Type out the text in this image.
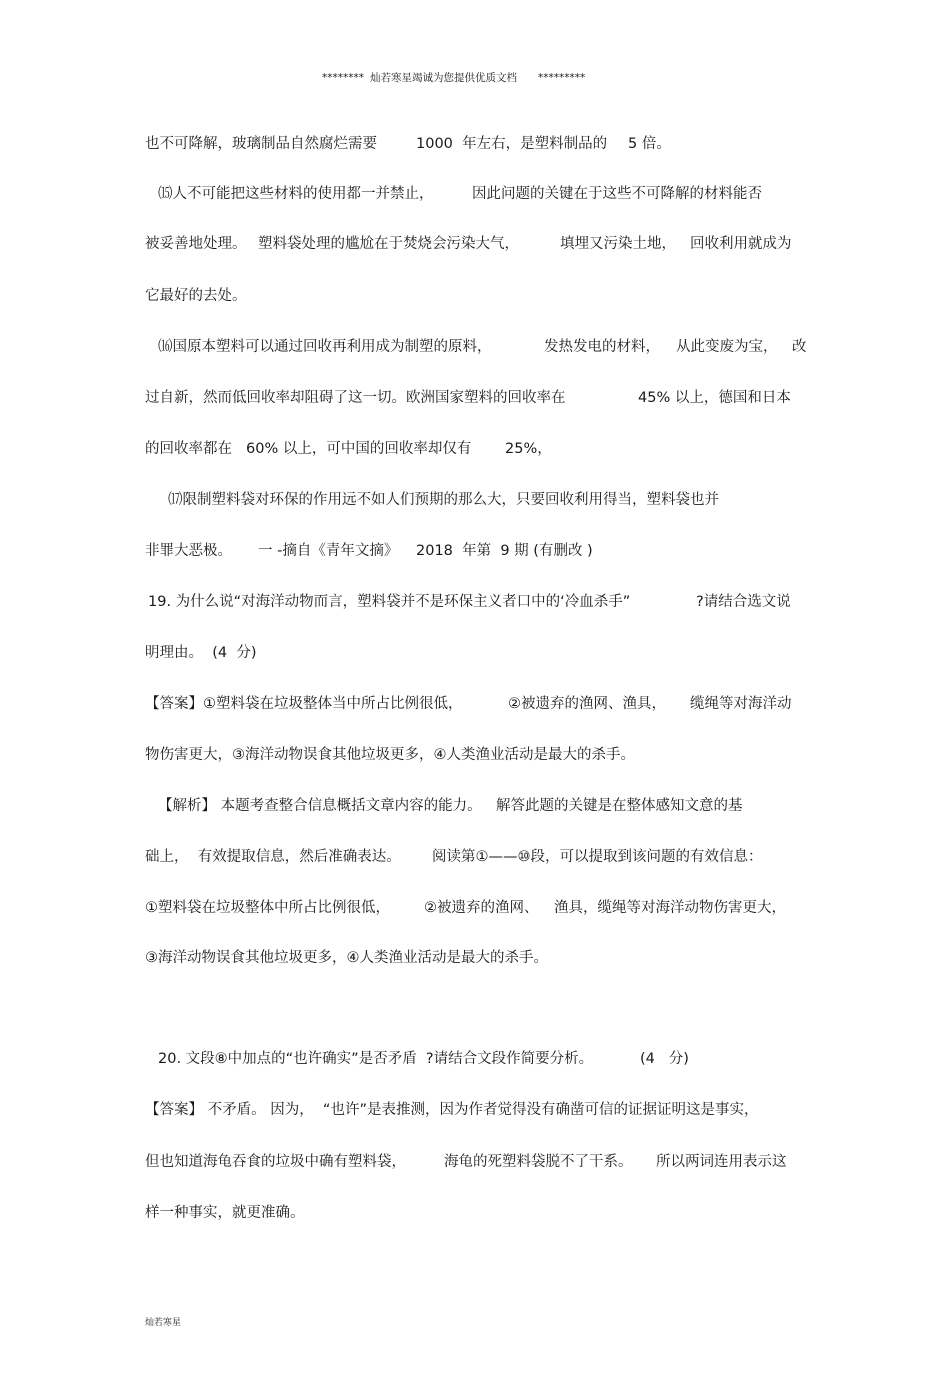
********

灿若寒星竭诚为您提供优质文档

*********

也不可降解，玻璃制品自然腐烂需要

	1000  年左右，是塑料制品的

5 倍。

⒂人不可能把这些材料的使用都一并禁止，

	因此问题的关键在于这些不可降解的材料能否

被妥善地处理。

塑料袋处理的尴尬在于焚烧会污染大气，

	填埋又污染土地，

回收利用就成为

它最好的去处。

⒃国原本塑料可以通过回收再利用成为制塑的原料，

	发热发电的材料，

从此变废为宝，

改

过自新，然而低回收率却阻碍了这一切。欧洲国家塑料的回收率在

	45% 以上，德国和日本

的回收率都在

60% 以上，可中国的回收率却仅有

25%，

⒄限制塑料袋对环保的作用远不如人们预期的那么大，只要回收利用得当，塑料袋也并

非罪大恶极。

一 -摘自《青年文摘》

2018  年第  9 期 (有删改 )

19. 为什么说“对海洋动物而言，塑料袋并不是环保主义者口中的‘冷血杀手”

	?请结合选文说

明理由。  (4  分)

【答案】①塑料袋在垃圾整体当中所占比例很低，

	②被遗弃的渔网、渔具，

缆绳等对海洋动

物伤害更大，③海洋动物误食其他垃圾更多，④人类渔业活动是最大的杀手。

【解析】 本题考查整合信息概括文章内容的能力。

解答此题的关键是在整体感知文意的基

础上，  有效提取信息，然后准确表达。

阅读第①——⑩段，可以提取到该问题的有效信息：

①塑料袋在垃圾整体中所占比例很低，

②被遗弃的渔网、

渔具，缆绳等对海洋动物伤害更大，

③海洋动物误食其他垃圾更多，④人类渔业活动是最大的杀手。

20. 文段⑧中加点的“也许确实”是否矛盾  ?请结合文段作简要分析。

	(4   分)

【答案】 不矛盾。 因为，  “也许”是表推测，因为作者觉得没有确凿可信的证据证明这是事实，

但也知道海龟吞食的垃圾中确有塑料袋，

	海龟的死塑料袋脱不了干系。

所以两词连用表示这

样一种事实，就更准确。

灿若寒星
